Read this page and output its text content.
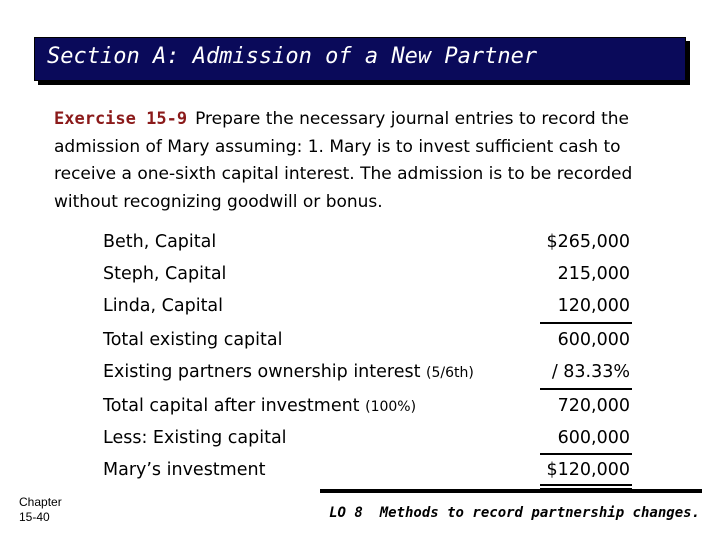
Section A: Admission of a New Partner
Exercise 15-9 Prepare the necessary journal entries to record the admission of Mary assuming: 1. Mary is to invest sufficient cash to receive a one-sixth capital interest. The admission is to be recorded without recognizing goodwill or bonus.
Beth, Capital	$265,000
Steph, Capital	215,000
Linda, Capital	120,000
Total existing capital	600,000
Existing partners ownership interest (5/6th)	/ 83.33%
Total capital after investment (100%)	720,000
Less: Existing capital	600,000
Mary’s investment	$120,000
Chapter
15-40	LO 8  Methods to record partnership changes.
